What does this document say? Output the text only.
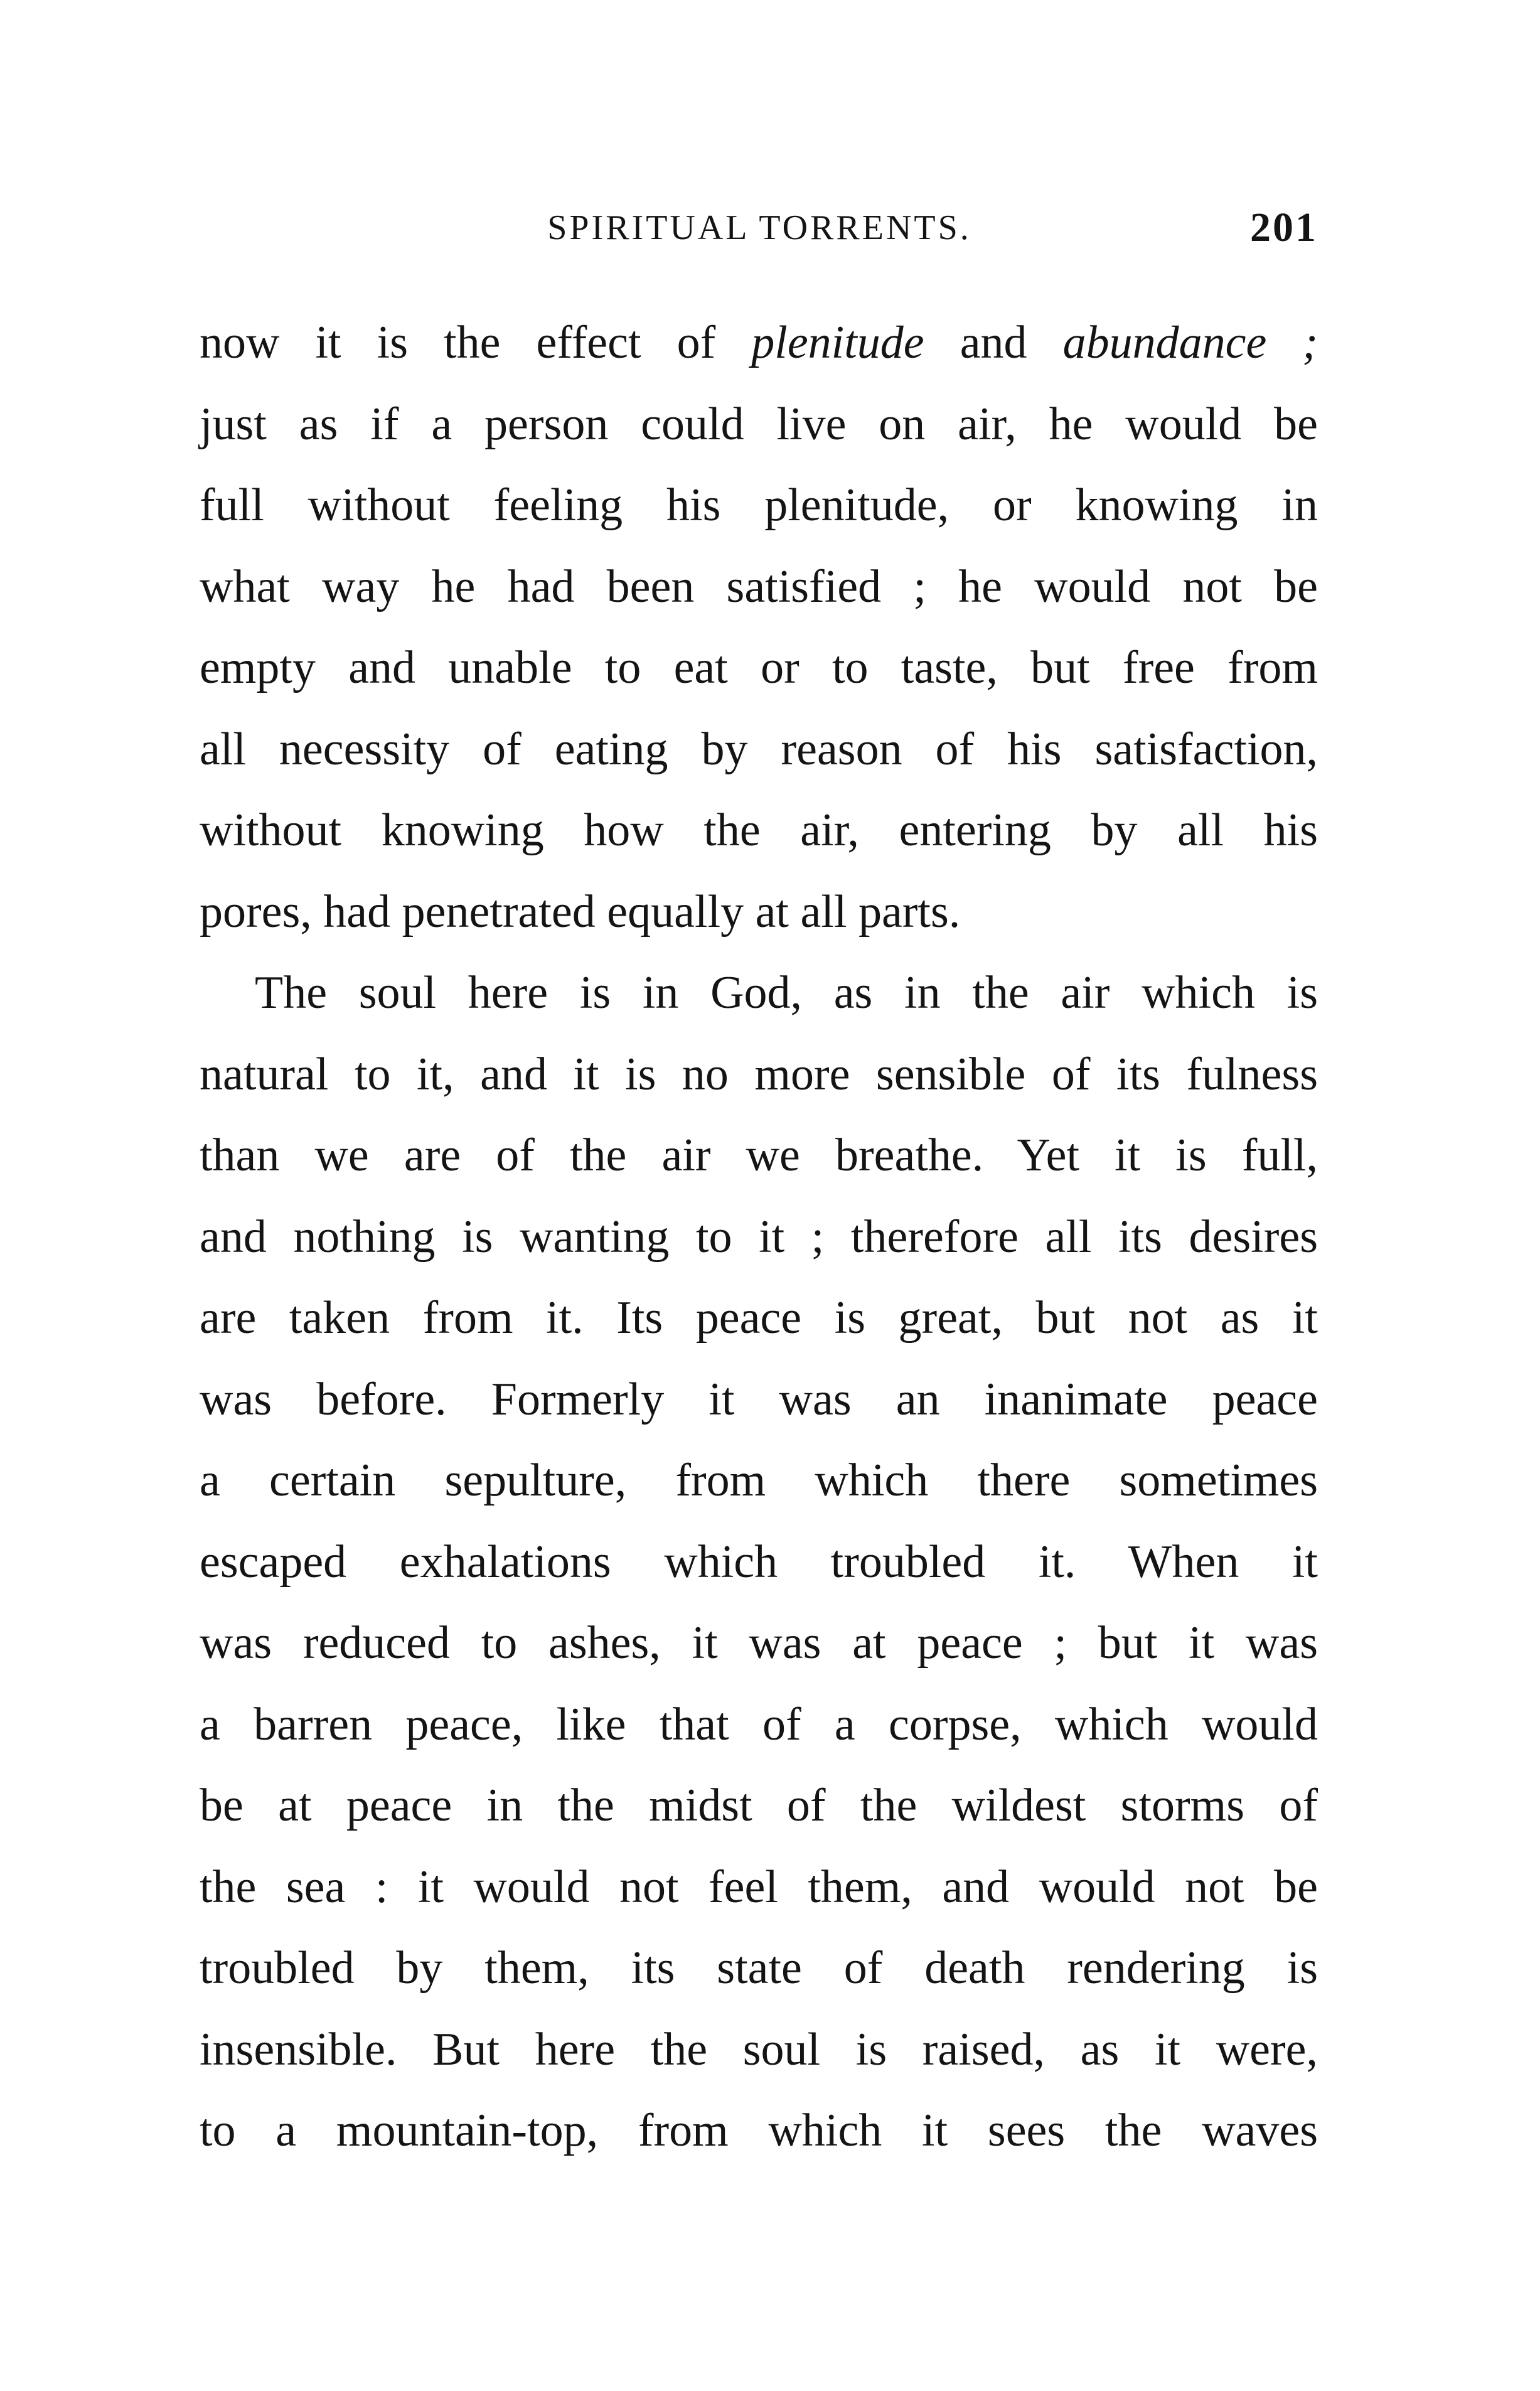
SPIRITUAL TORRENTS.	201
now it is the effect of plenitude and abundance ;
just as if a person could live on air, he would be
full without feeling his plenitude, or knowing in
what way he had been satisfied ; he would not be
empty and unable to eat or to taste, but free from
all necessity of eating by reason of his satisfaction,
without knowing how the air, entering by all his
pores, had penetrated equally at all parts.
The soul here is in God, as in the air which is
natural to it, and it is no more sensible of its fulness
than we are of the air we breathe. Yet it is full,
and nothing is wanting to it ; therefore all its desires
are taken from it. Its peace is great, but not as it
was before. Formerly it was an inanimate peace
a certain sepulture, from which there sometimes
escaped exhalations which troubled it. When it
was reduced to ashes, it was at peace ; but it was
a barren peace, like that of a corpse, which would
be at peace in the midst of the wildest storms of
the sea : it would not feel them, and would not be
troubled by them, its state of death rendering is
insensible. But here the soul is raised, as it were,
to a mountain-top, from which it sees the waves
